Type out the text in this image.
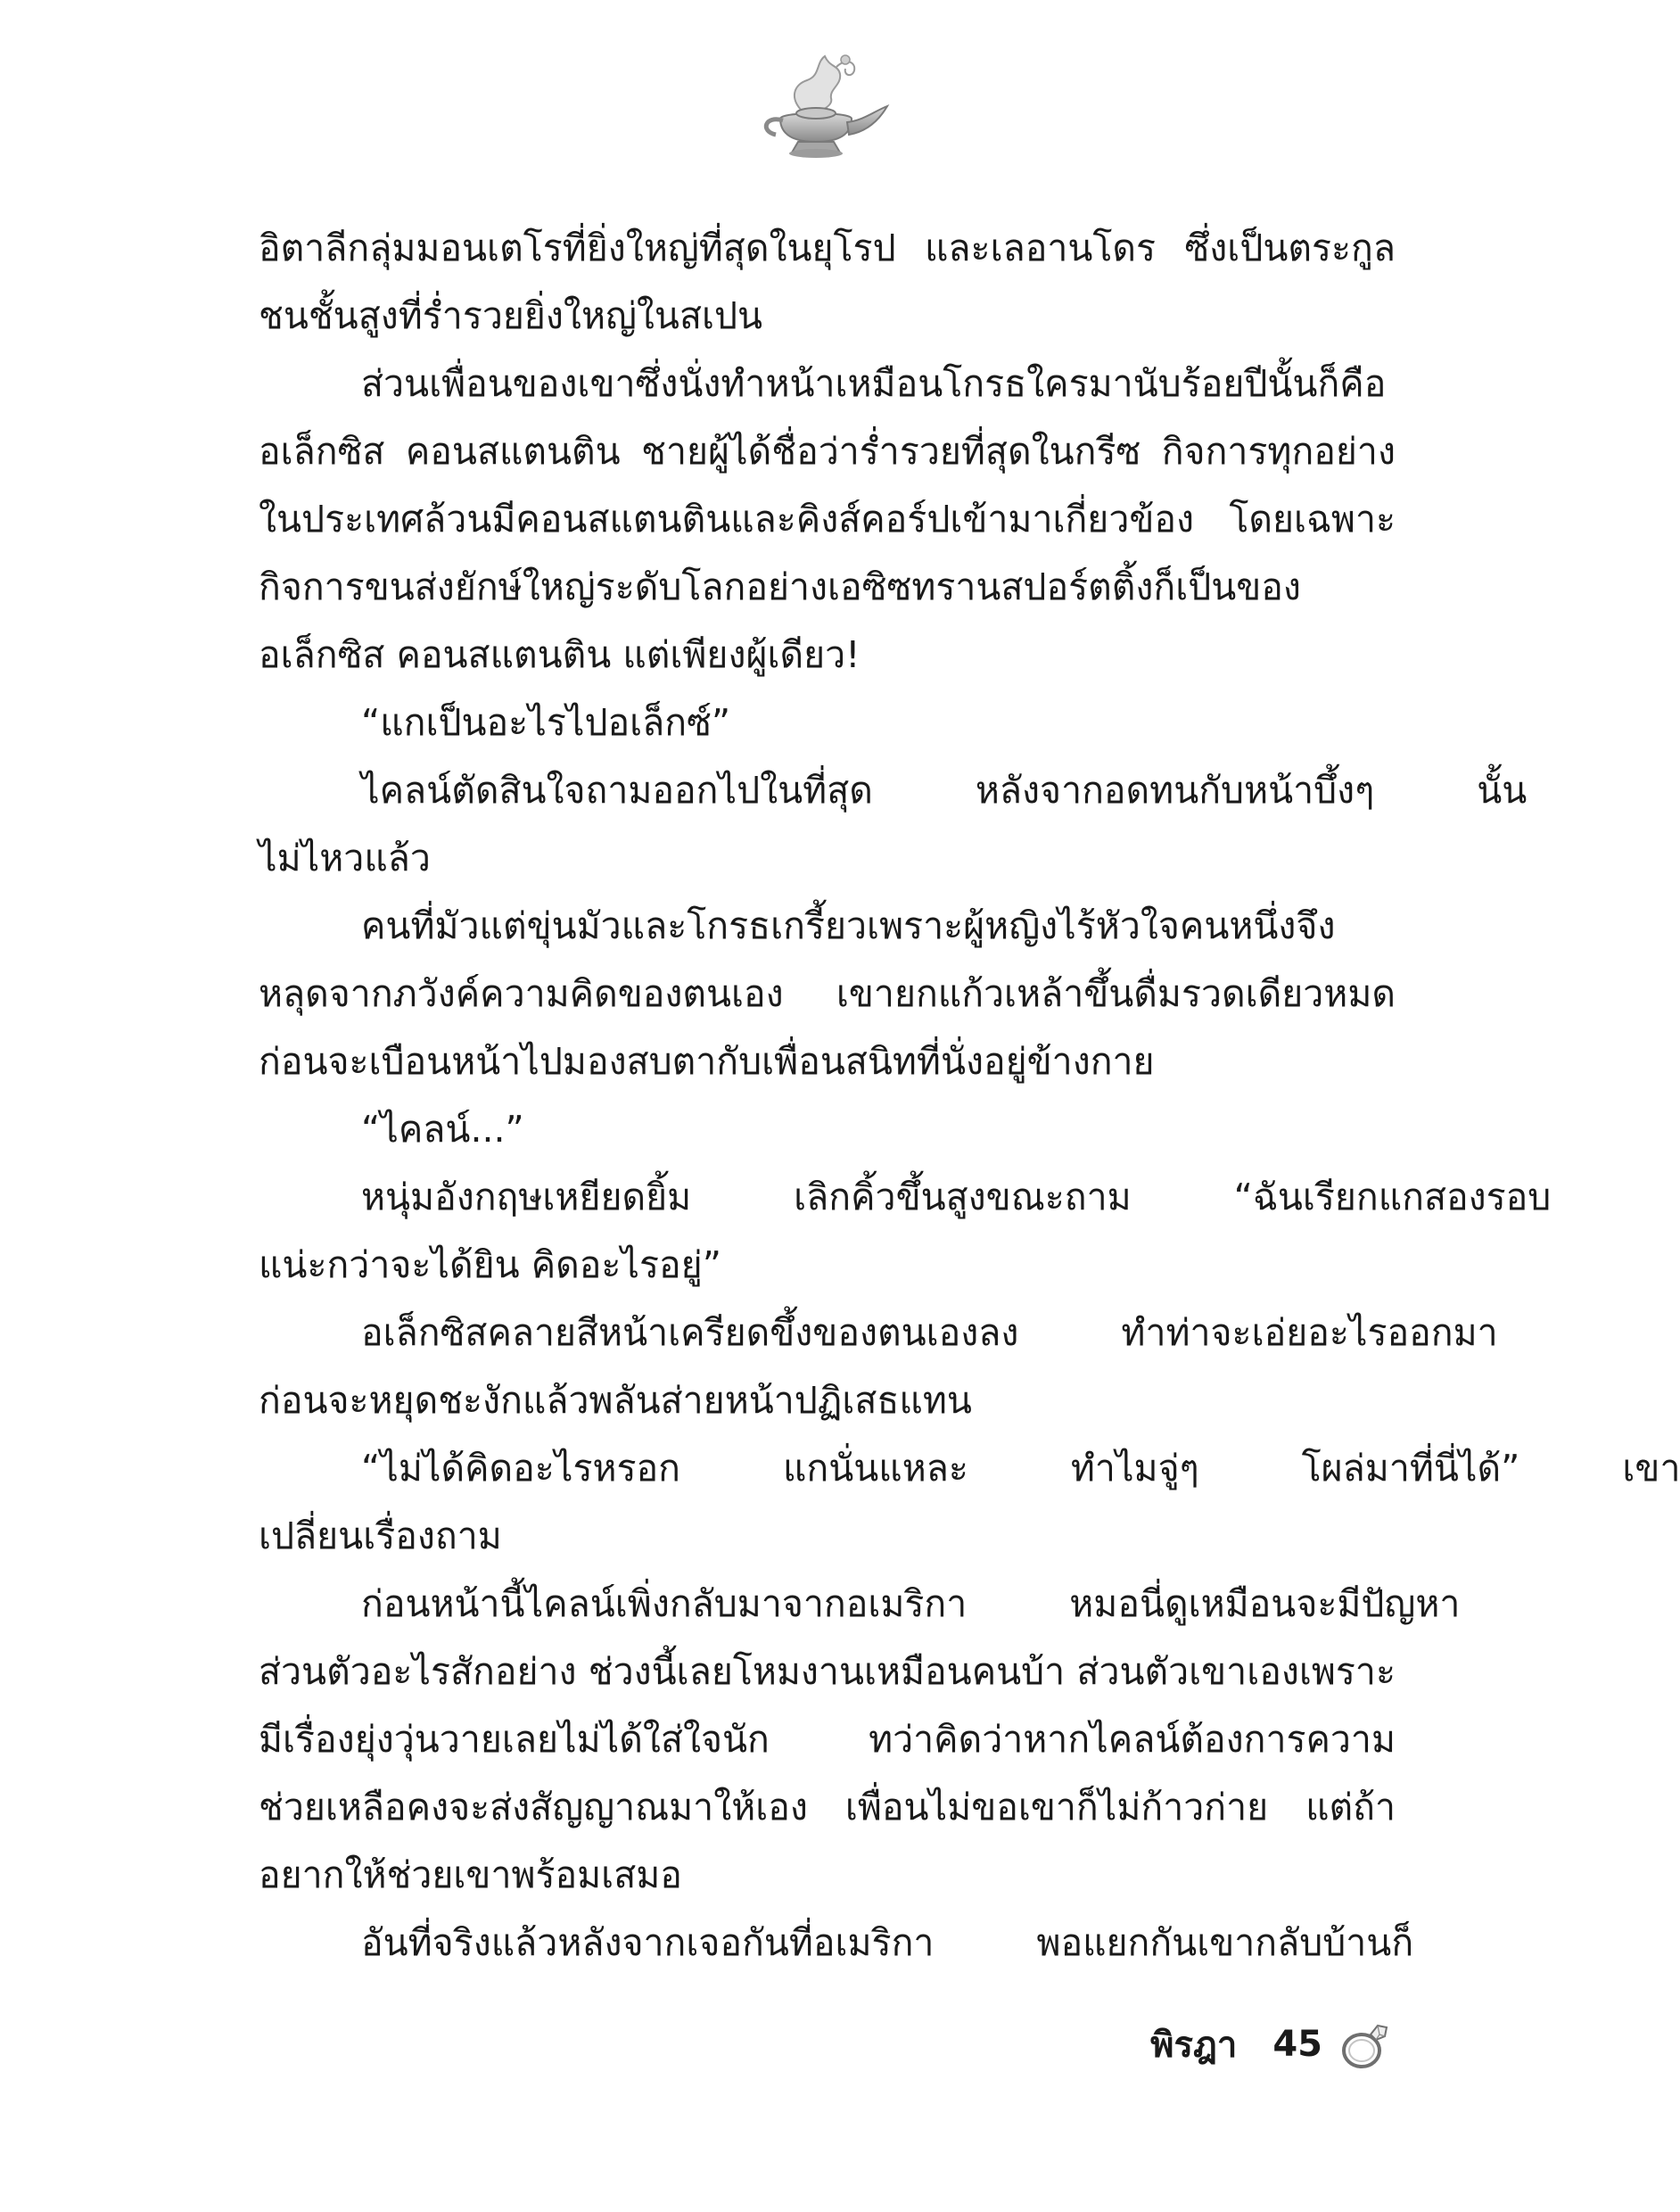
อิตาลีกลุ่มมอนเตโรที่ยิ่งใหญ่ที่สุดในยุโรป และเลอานโดร ซึ่งเป็นตระกูล
ชนชั้นสูงที่ร่ำรวยยิ่งใหญ่ในสเปน
ส่วนเพื่อนของเขาซึ่งนั่งทำหน้าเหมือนโกรธใครมานับร้อยปีนั้นก็คือ
อเล็กซิส คอนสแตนติน ชายผู้ได้ชื่อว่าร่ำรวยที่สุดในกรีซ กิจการทุกอย่าง
ในประเทศล้วนมีคอนสแตนตินและคิงส์คอร์ปเข้ามาเกี่ยวข้อง โดยเฉพาะ
กิจการขนส่งยักษ์ใหญ่ระดับโลกอย่างเอซิซทรานสปอร์ตติ้งก็เป็นของ
อเล็กซิส คอนสแตนติน แต่เพียงผู้เดียว!
“แกเป็นอะไรไปอเล็กซ์”
ไคลน์ตัดสินใจถามออกไปในที่สุด	หลังจากอดทนกับหน้าบึ้งๆ	นั้น
ไม่ไหวแล้ว
คนที่มัวแต่ขุ่นมัวและโกรธเกรี้ยวเพราะผู้หญิงไร้หัวใจคนหนึ่งจึง
หลุดจากภวังค์ความคิดของตนเอง เขายกแก้วเหล้าขึ้นดื่มรวดเดียวหมด
ก่อนจะเบือนหน้าไปมองสบตากับเพื่อนสนิทที่นั่งอยู่ข้างกาย
“ไคลน์...”
หนุ่มอังกฤษเหยียดยิ้ม	เลิกคิ้วขึ้นสูงขณะถาม	“ฉันเรียกแกสองรอบ
แน่ะกว่าจะได้ยิน คิดอะไรอยู่”
อเล็กซิสคลายสีหน้าเครียดขึ้งของตนเองลง	ทำท่าจะเอ่ยอะไรออกมา
ก่อนจะหยุดชะงักแล้วพลันส่ายหน้าปฏิเสธแทน
“ไม่ได้คิดอะไรหรอก	แกนั่นแหละ	ทำไมจู่ๆ	โผล่มาที่นี่ได้”	เขา
เปลี่ยนเรื่องถาม
ก่อนหน้านี้ไคลน์เพิ่งกลับมาจากอเมริกา	หมอนี่ดูเหมือนจะมีปัญหา
ส่วนตัวอะไรสักอย่าง ช่วงนี้เลยโหมงานเหมือนคนบ้า ส่วนตัวเขาเองเพราะ
มีเรื่องยุ่งวุ่นวายเลยไม่ได้ใส่ใจนัก	ทว่าคิดว่าหากไคลน์ต้องการความ
ช่วยเหลือคงจะส่งสัญญาณมาให้เอง เพื่อนไม่ขอเขาก็ไม่ก้าวก่าย แต่ถ้า
อยากให้ช่วยเขาพร้อมเสมอ
อันที่จริงแล้วหลังจากเจอกันที่อเมริกา	พอแยกกันเขากลับบ้านก็
พิรฎา 45
